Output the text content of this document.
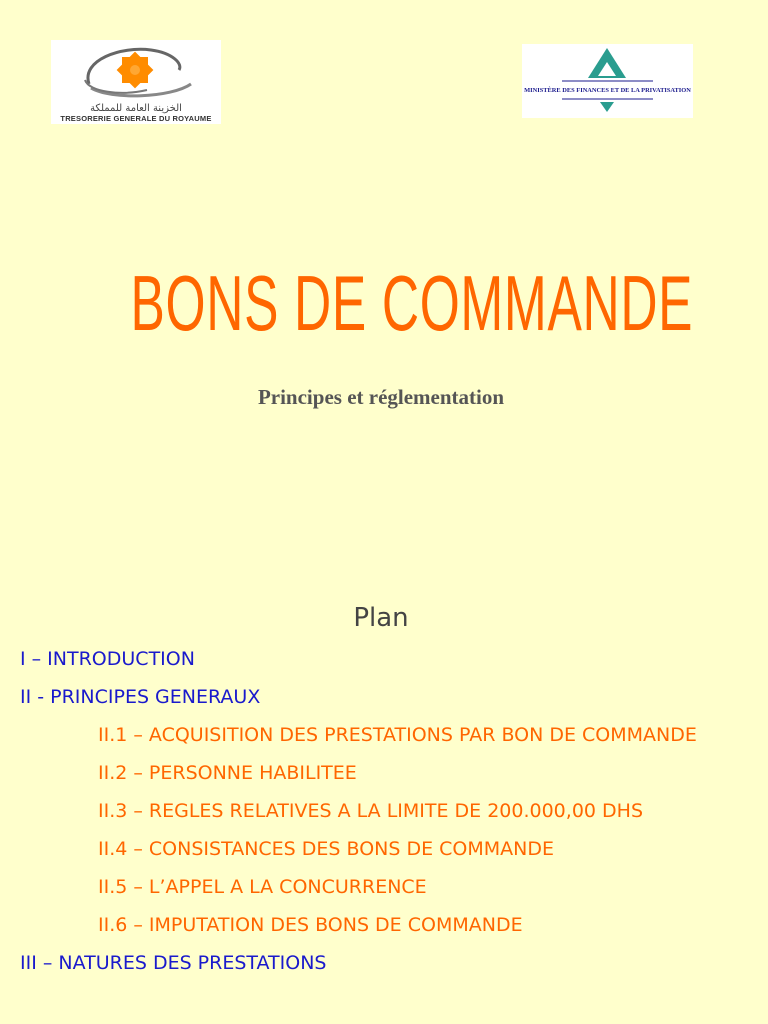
الخزينة العامة للمملكة
TRESORERIE GENERALE DU ROYAUME
MINISTÈRE DES FINANCES ET DE LA PRIVATISATION
BONS DE COMMANDE
Principes et réglementation
Plan

I – INTRODUCTION

II - PRINCIPES GENERAUX

II.1 – ACQUISITION DES PRESTATIONS PAR BON DE COMMANDE

II.2 – PERSONNE HABILITEE

II.3 – REGLES RELATIVES A LA LIMITE DE 200.000,00 DHS

II.4 – CONSISTANCES DES BONS DE COMMANDE

II.5 – L’APPEL A LA CONCURRENCE

II.6 – IMPUTATION DES BONS DE COMMANDE

III – NATURES DES PRESTATIONS
